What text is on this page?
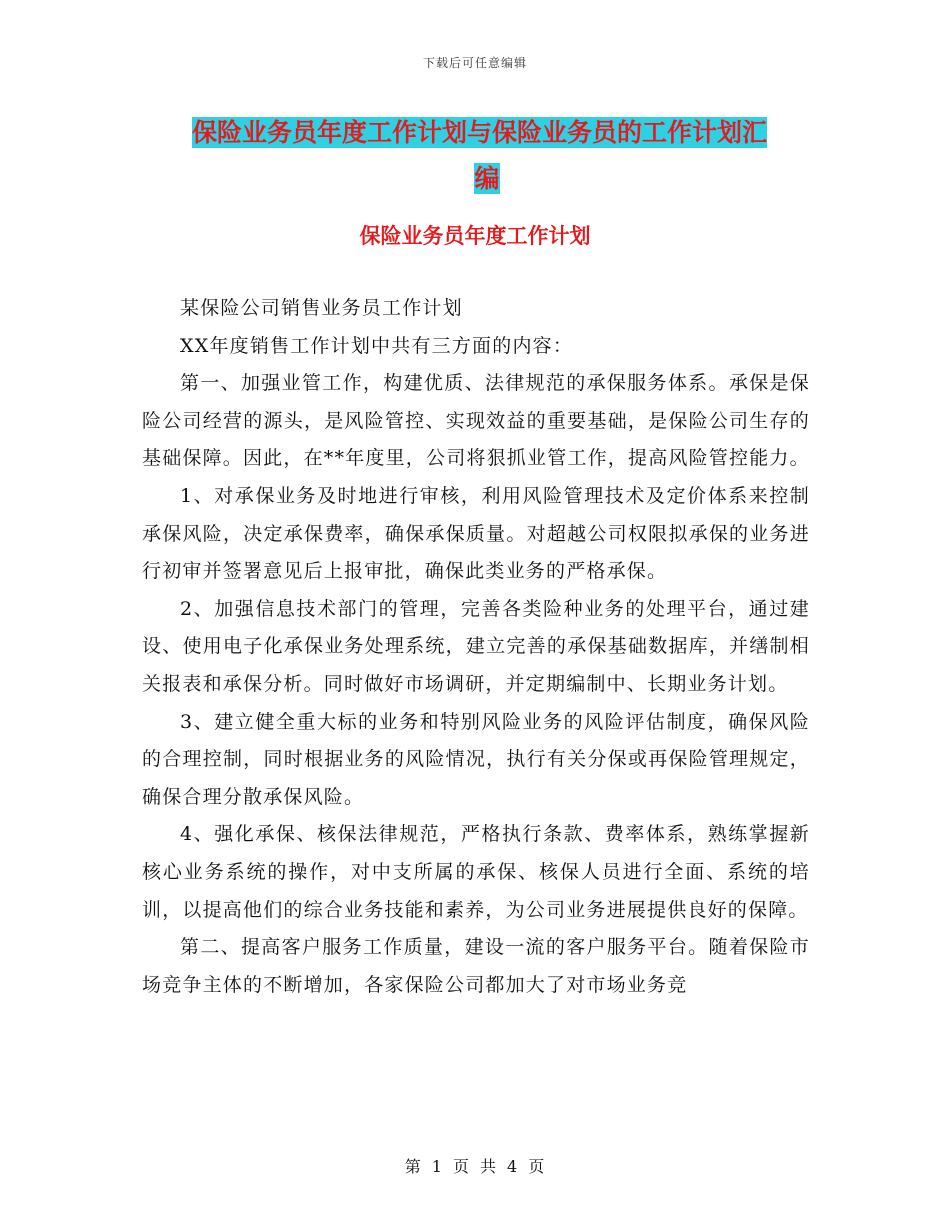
下载后可任意编辑
保险业务员年度工作计划与保险业务员的工作计划汇
编
保险业务员年度工作计划

某保险公司销售业务员工作计划

XX年度销售工作计划中共有三方面的内容：

第一、加强业管工作，构建优质、法律规范的承保服务体系。承保是保险公司经营的源头，是风险管控、实现效益的重要基础，是保险公司生存的基础保障。因此，在**年度里，公司将狠抓业管工作，提高风险管控能力。

1、对承保业务及时地进行审核，利用风险管理技术及定价体系来控制承保风险，决定承保费率，确保承保质量。对超越公司权限拟承保的业务进行初审并签署意见后上报审批，确保此类业务的严格承保。

2、加强信息技术部门的管理，完善各类险种业务的处理平台，通过建设、使用电子化承保业务处理系统，建立完善的承保基础数据库，并缮制相关报表和承保分析。同时做好市场调研，并定期编制中、长期业务计划。

3、建立健全重大标的业务和特别风险业务的风险评估制度，确保风险的合理控制，同时根据业务的风险情况，执行有关分保或再保险管理规定，确保合理分散承保风险。

4、强化承保、核保法律规范，严格执行条款、费率体系，熟练掌握新核心业务系统的操作，对中支所属的承保、核保人员进行全面、系统的培训，以提高他们的综合业务技能和素养，为公司业务进展提供良好的保障。

第二、提高客户服务工作质量，建设一流的客户服务平台。随着保险市场竞争主体的不断增加，各家保险公司都加大了对市场业务竞

第 1 页 共 4 页
